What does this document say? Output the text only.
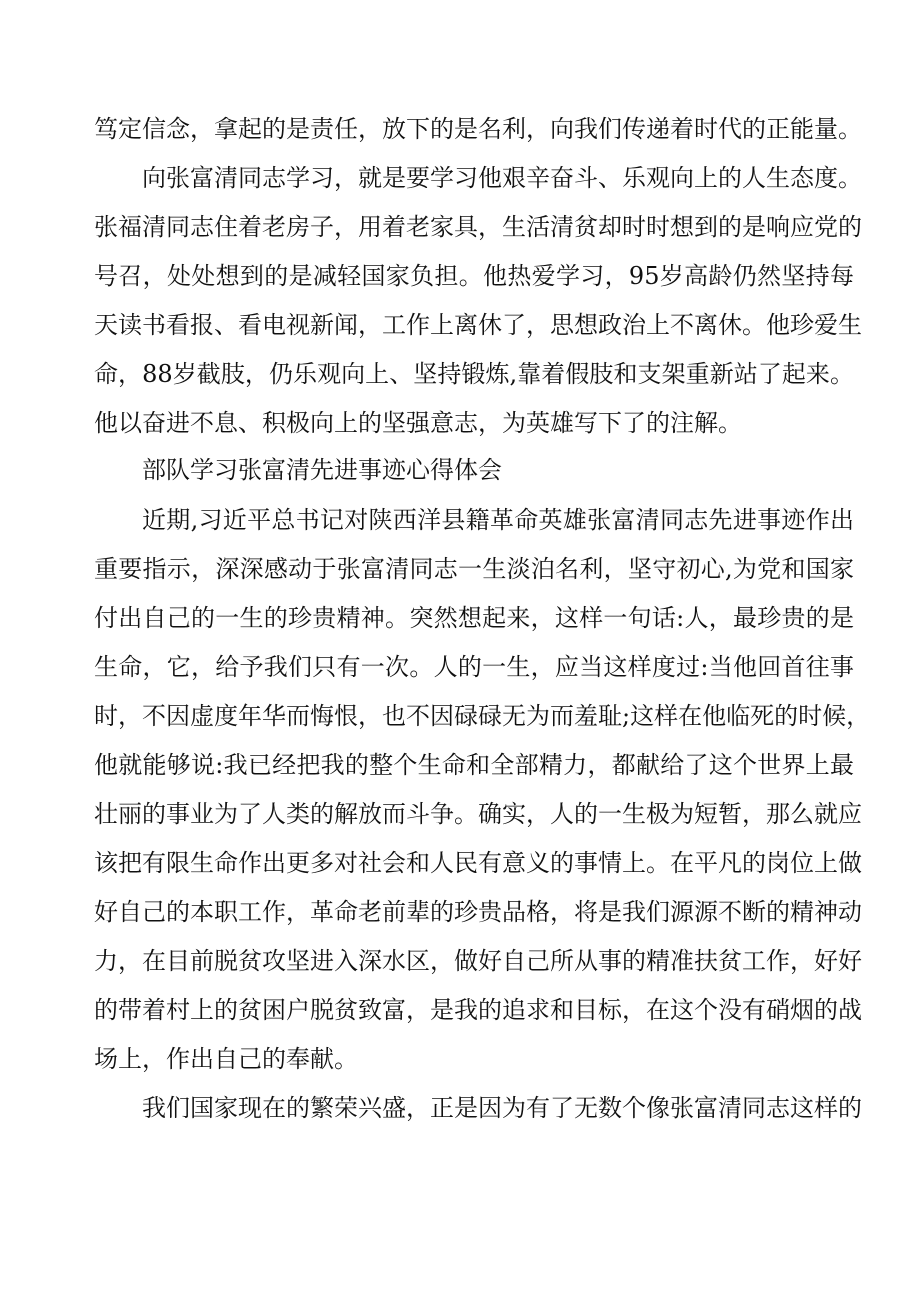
笃定信念，拿起的是责任，放下的是名利，向我们传递着时代的正能量。
向张富清同志学习，就是要学习他艰辛奋斗、乐观向上的人生态度。
张福清同志住着老房子，用着老家具，生活清贫却时时想到的是响应党的
号召，处处想到的是减轻国家负担。他热爱学习，95岁高龄仍然坚持每
天读书看报、看电视新闻，工作上离休了，思想政治上不离休。他珍爱生
命，88岁截肢，仍乐观向上、坚持锻炼,靠着假肢和支架重新站了起来。
他以奋进不息、积极向上的坚强意志，为英雄写下了的注解。
部队学习张富清先进事迹心得体会
近期,习近平总书记对陕西洋县籍革命英雄张富清同志先进事迹作出
重要指示，深深感动于张富清同志一生淡泊名利，坚守初心,为党和国家
付出自己的一生的珍贵精神。突然想起来，这样一句话:人，最珍贵的是
生命，它，给予我们只有一次。人的一生，应当这样度过:当他回首往事
时，不因虚度年华而悔恨，也不因碌碌无为而羞耻;这样在他临死的时候，
他就能够说:我已经把我的整个生命和全部精力，都献给了这个世界上最
壮丽的事业为了人类的解放而斗争。确实，人的一生极为短暂，那么就应
该把有限生命作出更多对社会和人民有意义的事情上。在平凡的岗位上做
好自己的本职工作，革命老前辈的珍贵品格，将是我们源源不断的精神动
力，在目前脱贫攻坚进入深水区，做好自己所从事的精准扶贫工作，好好
的带着村上的贫困户脱贫致富，是我的追求和目标，在这个没有硝烟的战
场上，作出自己的奉献。
我们国家现在的繁荣兴盛，正是因为有了无数个像张富清同志这样的
